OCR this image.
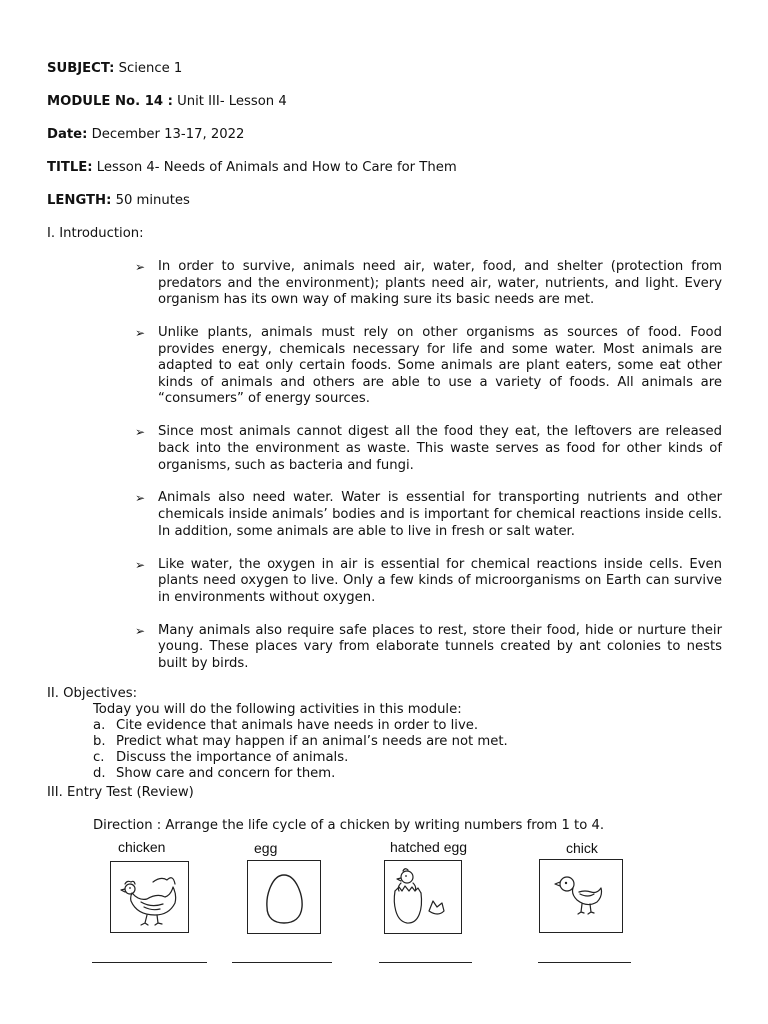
SUBJECT: Science 1
MODULE No. 14 : Unit III- Lesson 4
Date: December 13-17, 2022
TITLE: Lesson 4- Needs of Animals and How to Care for Them
LENGTH: 50 minutes
I. Introduction:
➢ In order to survive, animals need air, water, food, and shelter (protection from predators and the environment); plants need air, water, nutrients, and light. Every organism has its own way of making sure its basic needs are met.
➢ Unlike plants, animals must rely on other organisms as sources of food. Food provides energy, chemicals necessary for life and some water. Most animals are adapted to eat only certain foods. Some animals are plant eaters, some eat other kinds of animals and others are able to use a variety of foods. All animals are “consumers” of energy sources.
➢ Since most animals cannot digest all the food they eat, the leftovers are released back into the environment as waste. This waste serves as food for other kinds of organisms, such as bacteria and fungi.
➢ Animals also need water. Water is essential for transporting nutrients and other chemicals inside animals’ bodies and is important for chemical reactions inside cells. In addition, some animals are able to live in fresh or salt water.
➢ Like water, the oxygen in air is essential for chemical reactions inside cells. Even plants need oxygen to live. Only a few kinds of microorganisms on Earth can survive in environments without oxygen.
➢ Many animals also require safe places to rest, store their food, hide or nurture their young. These places vary from elaborate tunnels created by ant colonies to nests built by birds.
II. Objectives:
Today you will do the following activities in this module:
a. Cite evidence that animals have needs in order to live.
b. Predict what may happen if an animal’s needs are not met.
c. Discuss the importance of animals.
d. Show care and concern for them.
III. Entry Test (Review)
Direction : Arrange the life cycle of a chicken by writing numbers from 1 to 4.
chicken	egg	hatched egg	chick
